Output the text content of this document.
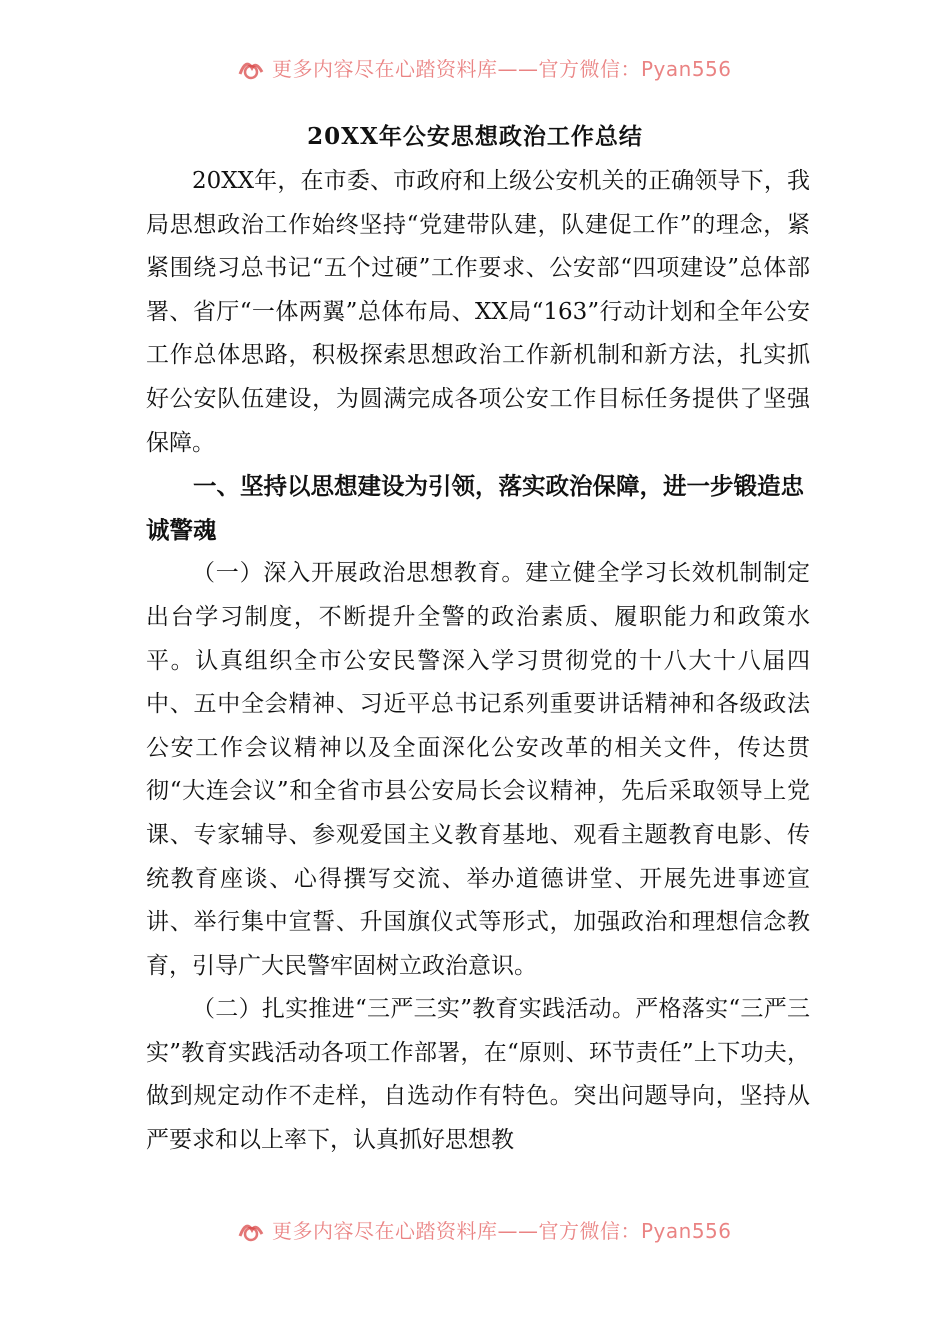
更多内容尽在心踏资料库——官方微信：Pyan556
20XX年公安思想政治工作总结

20XX年，在市委、市政府和上级公安机关的正确领导下，我局思想政治工作始终坚持“党建带队建，队建促工作”的理念，紧紧围绕习总书记“五个过硬”工作要求、公安部“四项建设”总体部署、省厅“一体两翼”总体布局、XX局“163”行动计划和全年公安工作总体思路，积极探索思想政治工作新机制和新方法，扎实抓好公安队伍建设，为圆满完成各项公安工作目标任务提供了坚强保障。

一、坚持以思想建设为引领，落实政治保障，进一步锻造忠诚警魂

（一）深入开展政治思想教育。建立健全学习长效机制制定出台学习制度，不断提升全警的政治素质、履职能力和政策水平。认真组织全市公安民警深入学习贯彻党的十八大十八届四中、五中全会精神、习近平总书记系列重要讲话精神和各级政法公安工作会议精神以及全面深化公安改革的相关文件，传达贯彻“大连会议”和全省市县公安局长会议精神，先后采取领导上党课、专家辅导、参观爱国主义教育基地、观看主题教育电影、传统教育座谈、心得撰写交流、举办道德讲堂、开展先进事迹宣讲、举行集中宣誓、升国旗仪式等形式，加强政治和理想信念教育，引导广大民警牢固树立政治意识。

（二）扎实推进“三严三实”教育实践活动。严格落实“三严三实”教育实践活动各项工作部署，在“原则、环节责任”上下功夫，做到规定动作不走样，自选动作有特色。突出问题导向，坚持从严要求和以上率下，认真抓好思想教

更多内容尽在心踏资料库——官方微信：Pyan556
